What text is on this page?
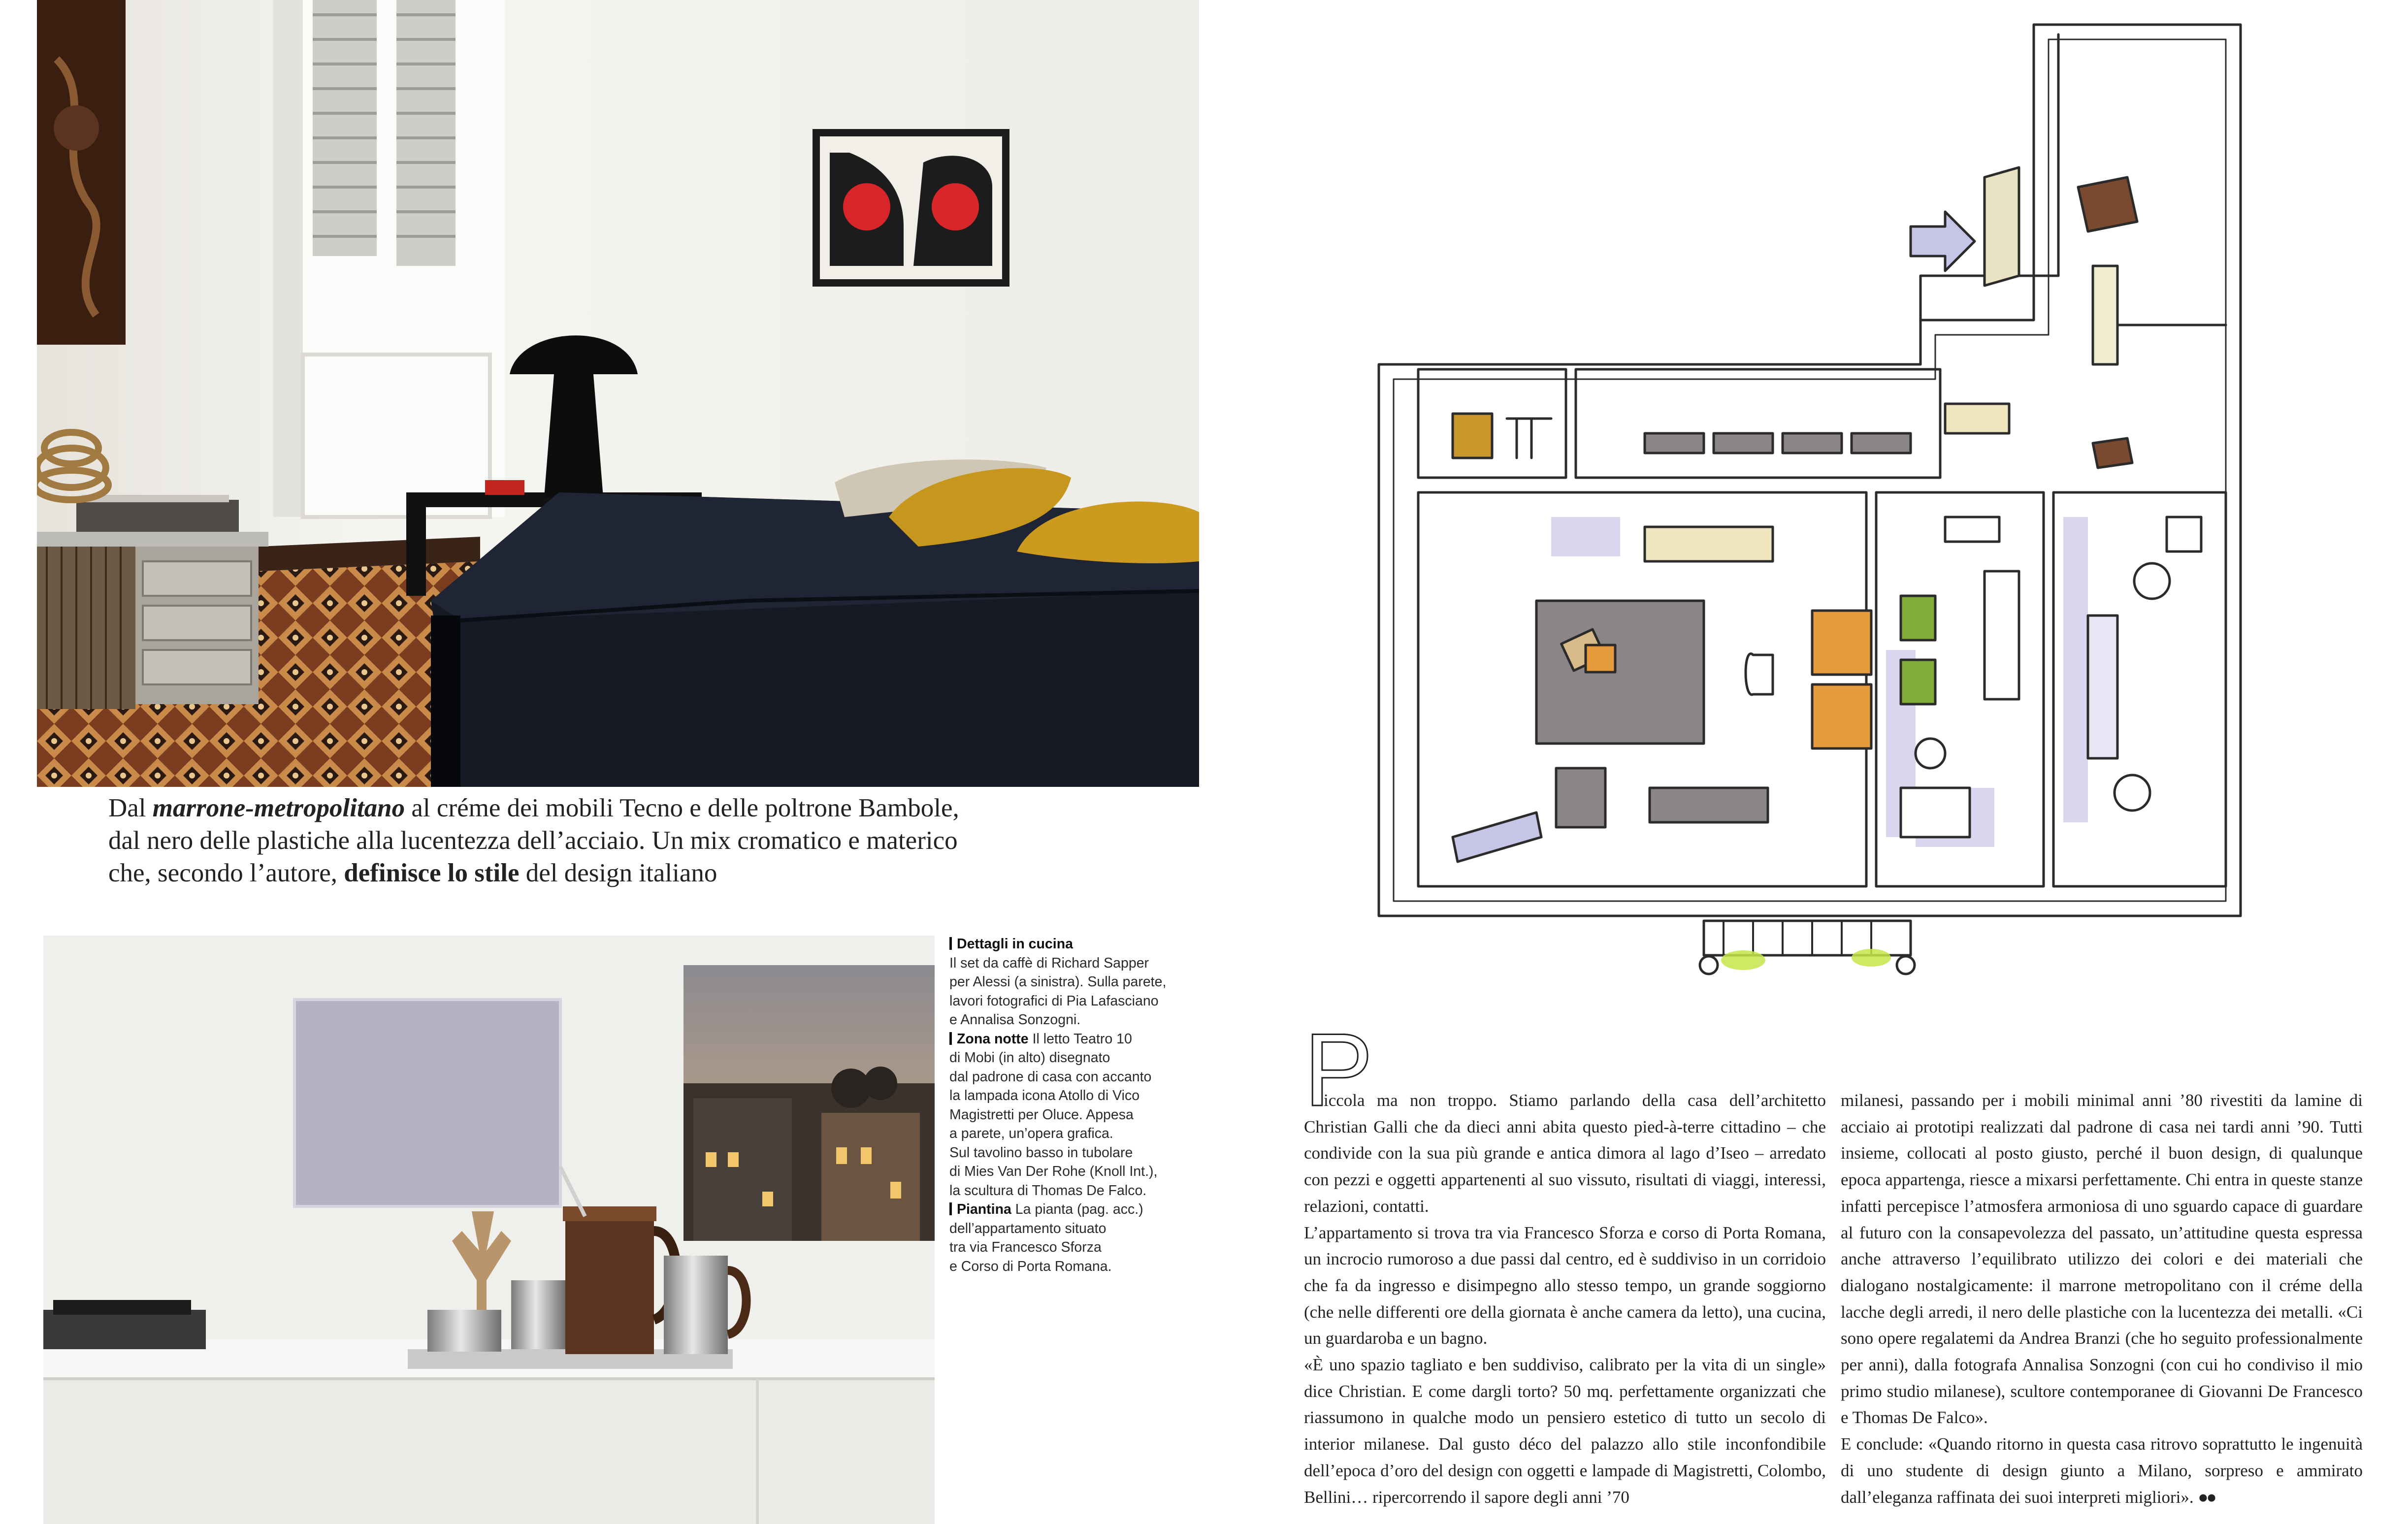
Dal marrone-metropolitano al créme dei mobili Tecno e delle poltrone Bambole,
dal nero delle plastiche alla lucentezza dell’acciaio. Un mix cromatico e materico
che, secondo l’autore, definisce lo stile del design italiano

Dettagli in cucina
Il set da caffè di Richard Sapper
per Alessi (a sinistra). Sulla parete,
lavori fotografici di Pia Lafasciano
e Annalisa Sonzogni.

Zona notte Il letto Teatro 10
di Mobi (in alto) disegnato
dal padrone di casa con accanto
la lampada icona Atollo di Vico
Magistretti per Oluce. Appesa
a parete, un’opera grafica.
Sul tavolino basso in tubolare
di Mies Van Der Rohe (Knoll Int.),
la scultura di Thomas De Falco.

Piantina La pianta (pag. acc.)
dell’appartamento situato
tra via Francesco Sforza
e Corso di Porta Romana.

P

iccola ma non troppo. Stiamo parlando della casa dell’architetto Christian Galli che da dieci anni abita questo pied-à-terre cittadino – che condivide con la sua più grande e antica dimora al lago d’Iseo – arredato con pezzi e oggetti appartenenti al suo vissuto, risultati di viaggi, interessi, relazioni, contatti.

L’appartamento si trova tra via Francesco Sforza e corso di Porta Romana, un incrocio rumoroso a due passi dal centro, ed è suddiviso in un corridoio che fa da ingresso e disimpegno allo stesso tempo, un grande soggiorno (che nelle differenti ore della giornata è anche camera da letto), una cucina, un guardaroba e un bagno.

«È uno spazio tagliato e ben suddiviso, calibrato per la vita di un single» dice Christian. E come dargli torto? 50 mq. perfettamente organizzati che riassumono in qualche modo un pensiero estetico di tutto un secolo di interior milanese. Dal gusto déco del palazzo allo stile inconfondibile dell’epoca d’oro del design con oggetti e lampade di Magistretti, Colombo, Bellini… ripercorrendo il sapore degli anni ’70

milanesi, passando per i mobili minimal anni ’80 rivestiti da lamine di acciaio ai prototipi realizzati dal padrone di casa nei tardi anni ’90. Tutti insieme, collocati al posto giusto, perché il buon design, di qualunque epoca appartenga, riesce a mixarsi perfettamente. Chi entra in queste stanze infatti percepisce l’atmosfera armoniosa di uno sguardo capace di guardare al futuro con la consapevolezza del passato, un’attitudine questa espressa anche attraverso l’equilibrato utilizzo dei colori e dei materiali che dialogano nostalgicamente: il marrone metropolitano con il créme della lacche degli arredi, il nero delle plastiche con la lucentezza dei metalli. «Ci sono opere regalatemi da Andrea Branzi (che ho seguito professionalmente per anni), dalla fotografa Annalisa Sonzogni (con cui ho condiviso il mio primo studio milanese), scultore contemporanee di Giovanni De Francesco e Thomas De Falco».

E conclude: «Quando ritorno in questa casa ritrovo soprattutto le ingenuità di uno studente di design giunto a Milano, sorpreso e ammirato dall’eleganza raffinata dei suoi interpreti migliori». ●●
